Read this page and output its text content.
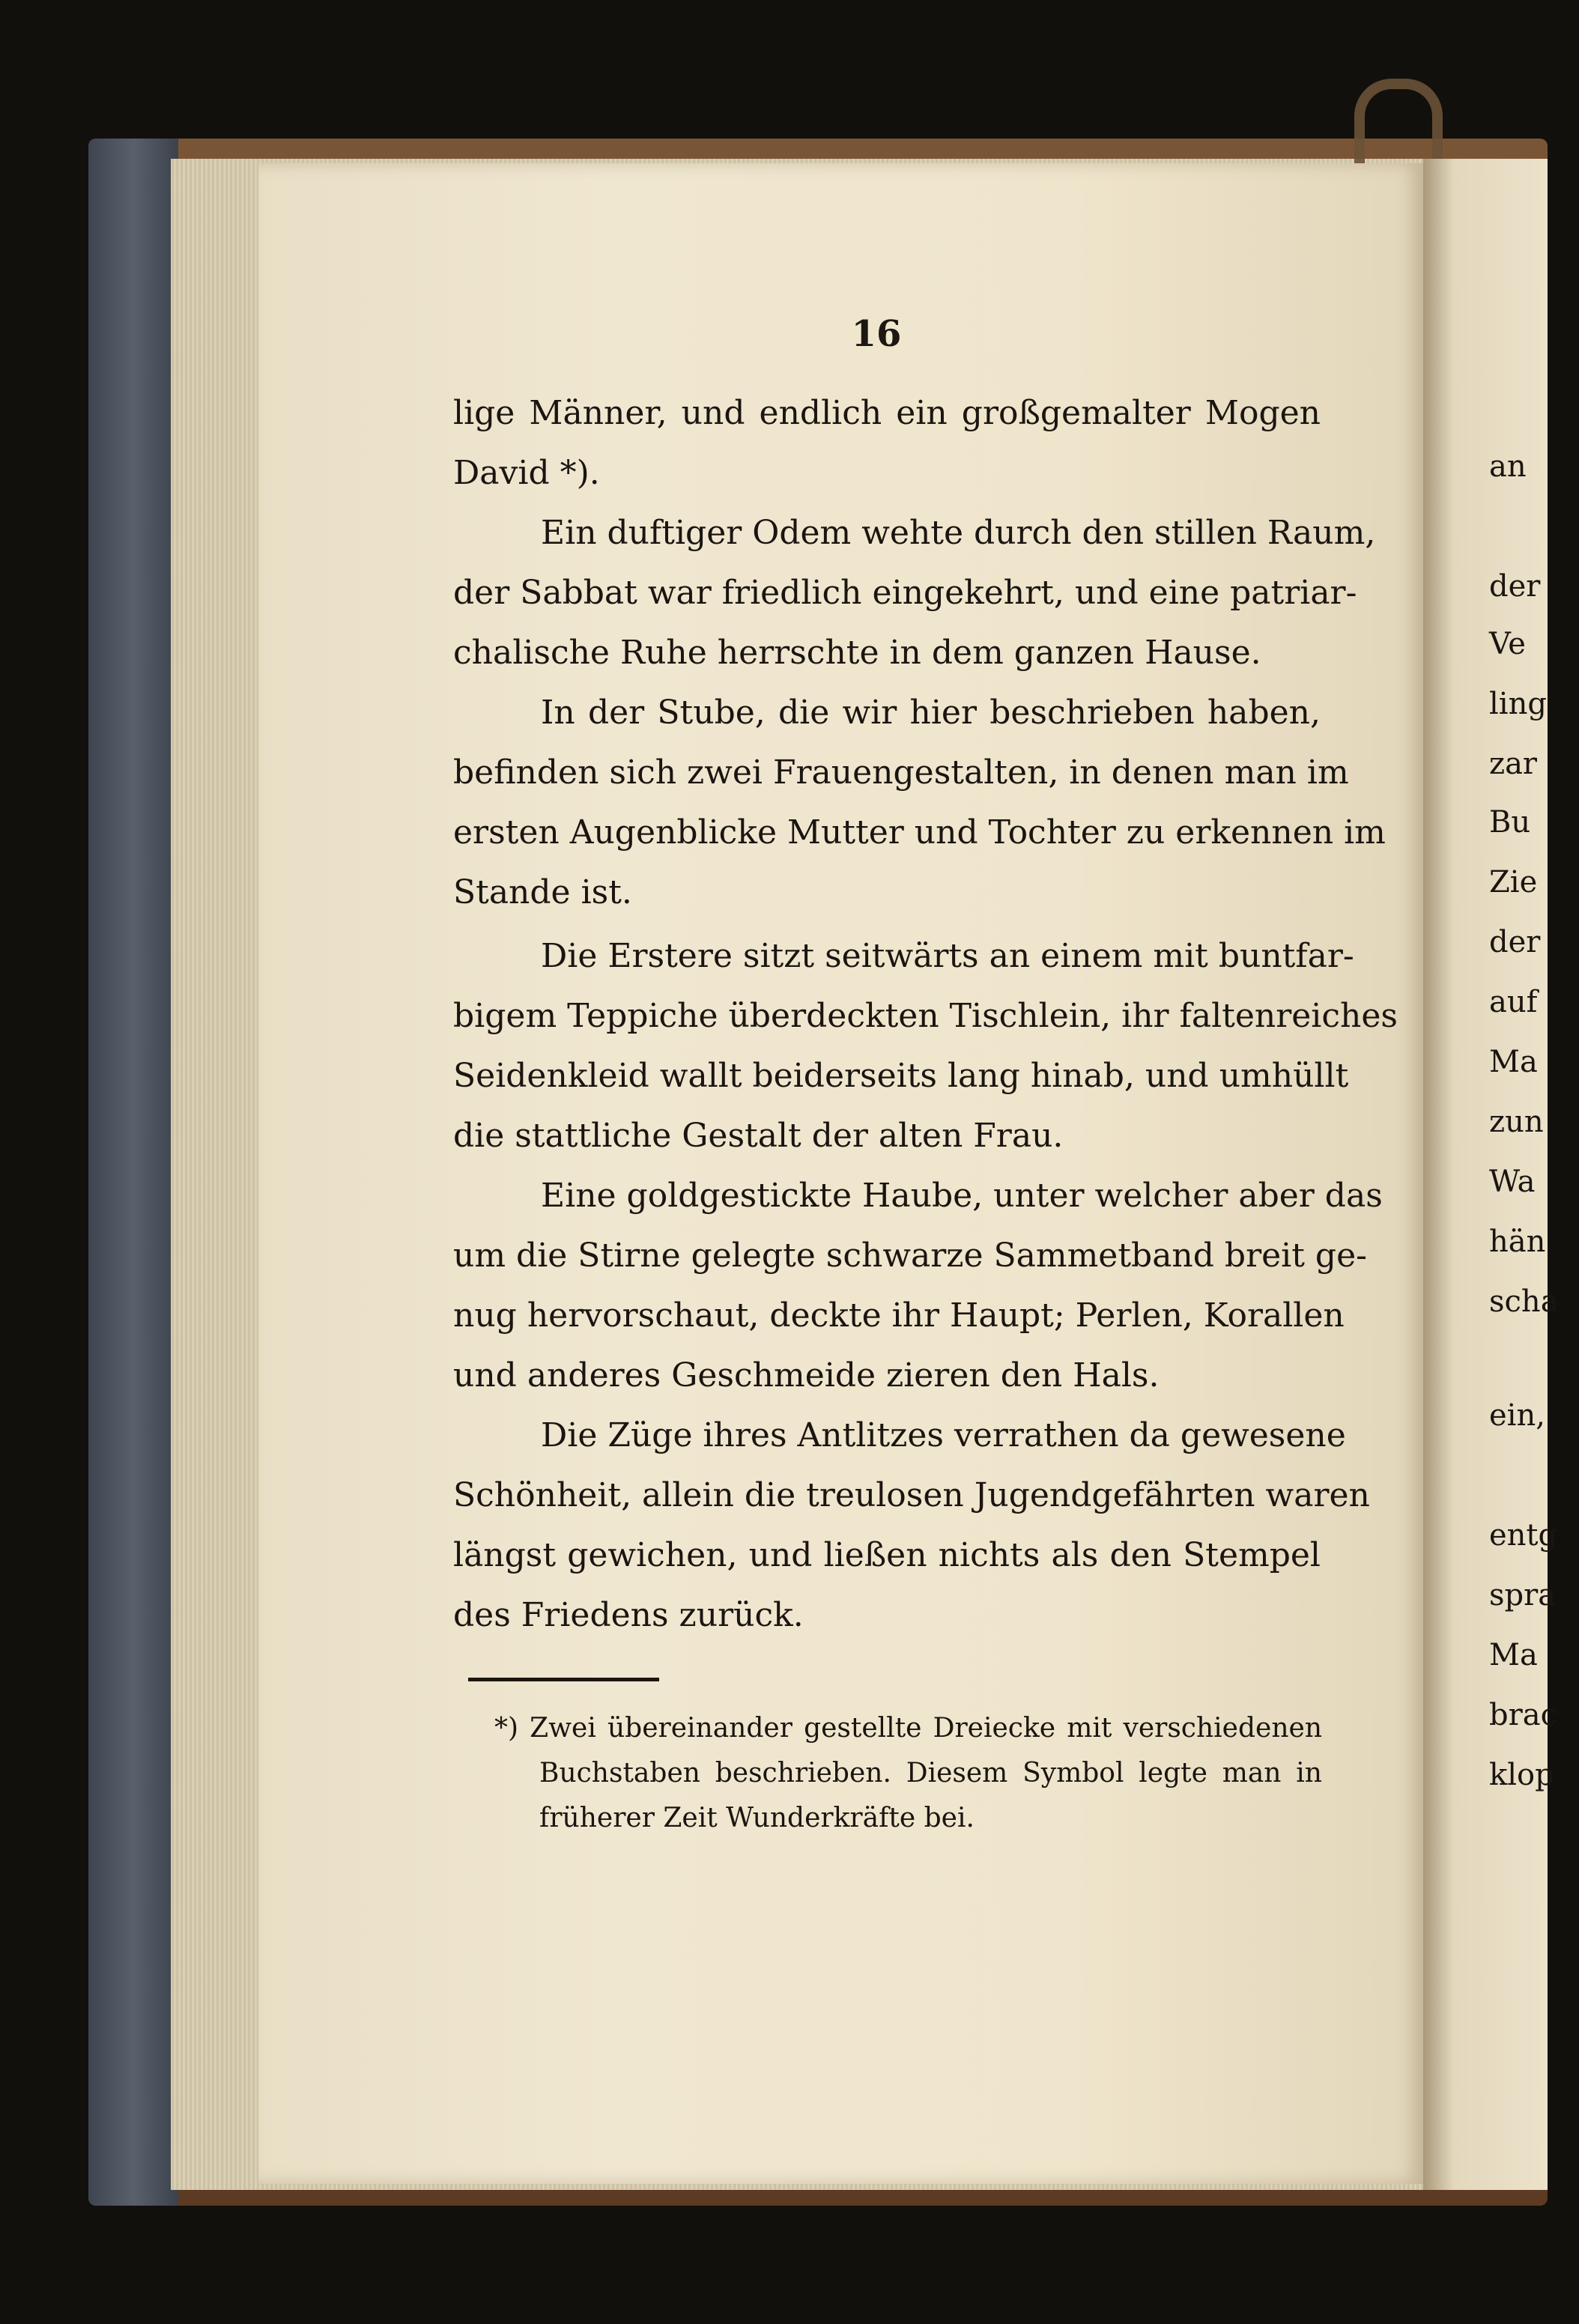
16
lige Männer, und endlich ein großgemalter Mogen
David *).
Ein duftiger Odem wehte durch den stillen Raum,
der Sabbat war friedlich eingekehrt, und eine patriar-
chalische Ruhe herrschte in dem ganzen Hause.
In der Stube, die wir hier beschrieben haben,
befinden sich zwei Frauengestalten, in denen man im
ersten Augenblicke Mutter und Tochter zu erkennen im
Stande ist.
Die Erstere sitzt seitwärts an einem mit buntfar-
bigem Teppiche überdeckten Tischlein, ihr faltenreiches
Seidenkleid wallt beiderseits lang hinab, und umhüllt
die stattliche Gestalt der alten Frau.
Eine goldgestickte Haube, unter welcher aber das
um die Stirne gelegte schwarze Sammetband breit ge-
nug hervorschaut, deckte ihr Haupt; Perlen, Korallen
und anderes Geschmeide zieren den Hals.
Die Züge ihres Antlitzes verrathen da gewesene
Schönheit, allein die treulosen Jugendgefährten waren
längst gewichen, und ließen nichts als den Stempel
des Friedens zurück.
*) Zwei übereinander gestellte Dreiecke mit verschiedenen
Buchstaben beschrieben. Diesem Symbol legte man in
früherer Zeit Wunderkräfte bei.
an
der
Ve
ling
zar
Bu
Zie
der
auf
Ma
zun
Wa
hän
scha
ein,
entg
spra
Ma
brac
klop
